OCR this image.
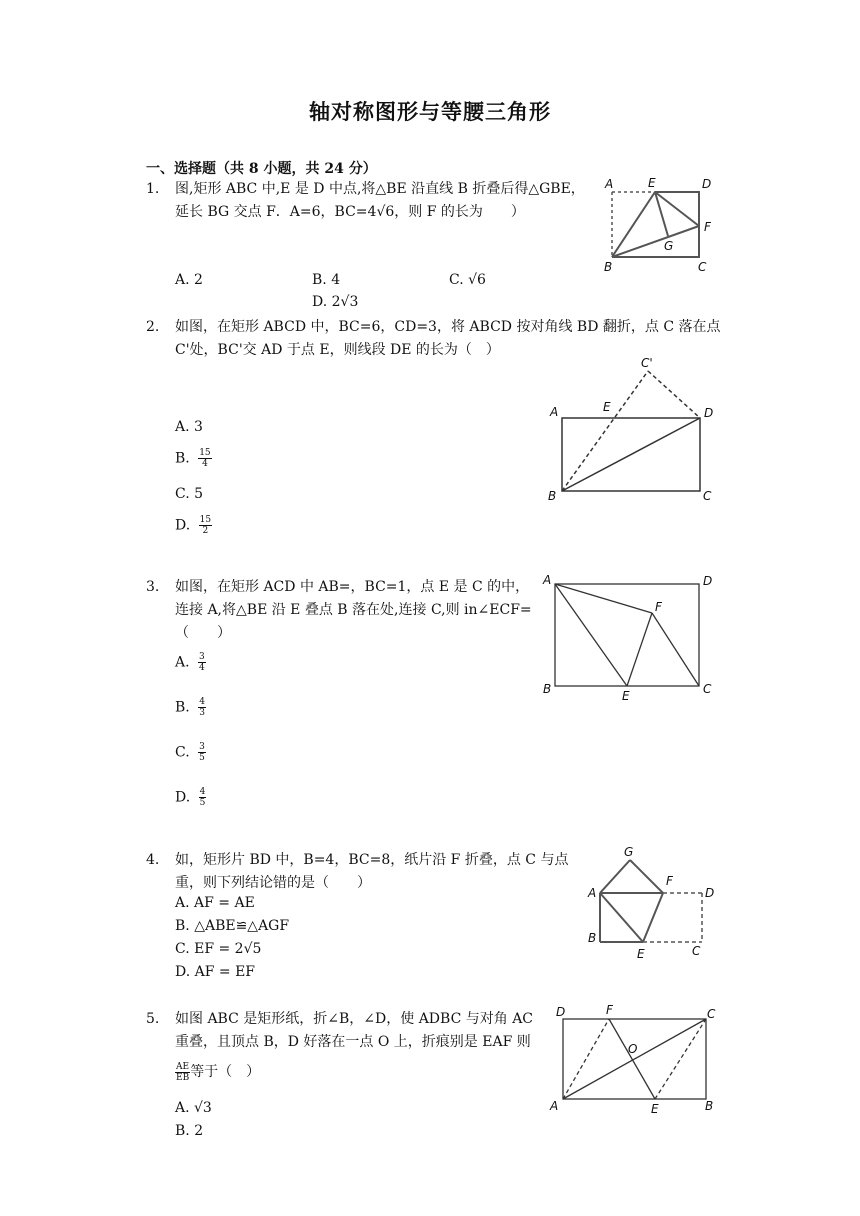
轴对称图形与等腰三角形
一、选择题（共 8 小题，共 24 分）
1. 图,矩形 ABC 中,E 是 D 中点,将△BE 沿直线 B 折叠后得△GBE，
延长 BG 交点 F．A=6，BC=4√6，则 F 的长为　　）
A. 2	B. 4	C. √6
D. 2√3
A	E	D
F
G
B	C
2. 如图，在矩形 ABCD 中，BC=6，CD=3，将 ABCD 按对角线 BD 翻折，点 C 落在点
C'处，BC'交 AD 于点 E，则线段 DE 的长为（　）
A. 3
B. $\frac{15}{4}$
C. 5
D. $\frac{15}{2}$
C'
A	E	D
B	C
3. 如图，在矩形 ACD 中 AB=，BC=1，点 E 是 C 的中，
连接 A,将△BE 沿 E 叠点 B 落在处,连接 C,则 in∠ECF=
（　　）
A. $\frac{3}{4}$
B. $\frac{4}{3}$
C. $\frac{3}{5}$
D. $\frac{4}{5}$
A	D
F
B	E	C
4. 如，矩形片 BD 中，B=4，BC=8，纸片沿 F 折叠，点 C 与点
重，则下列结论错的是（　　）
A. AF = AE
B. △ABE≌△AGF
C. EF = 2√5
D. AF = EF
G
A
F
D
B
E	C
5. 如图 ABC 是矩形纸，折∠B，∠D，使 ADBC 与对角 AC
重叠，且顶点 B，D 好落在一点 O 上，折痕别是 EAF 则
$\frac{AE}{EB}$ 等于（　）
A. √3
B. 2
D	F	C
O
A	E	B
